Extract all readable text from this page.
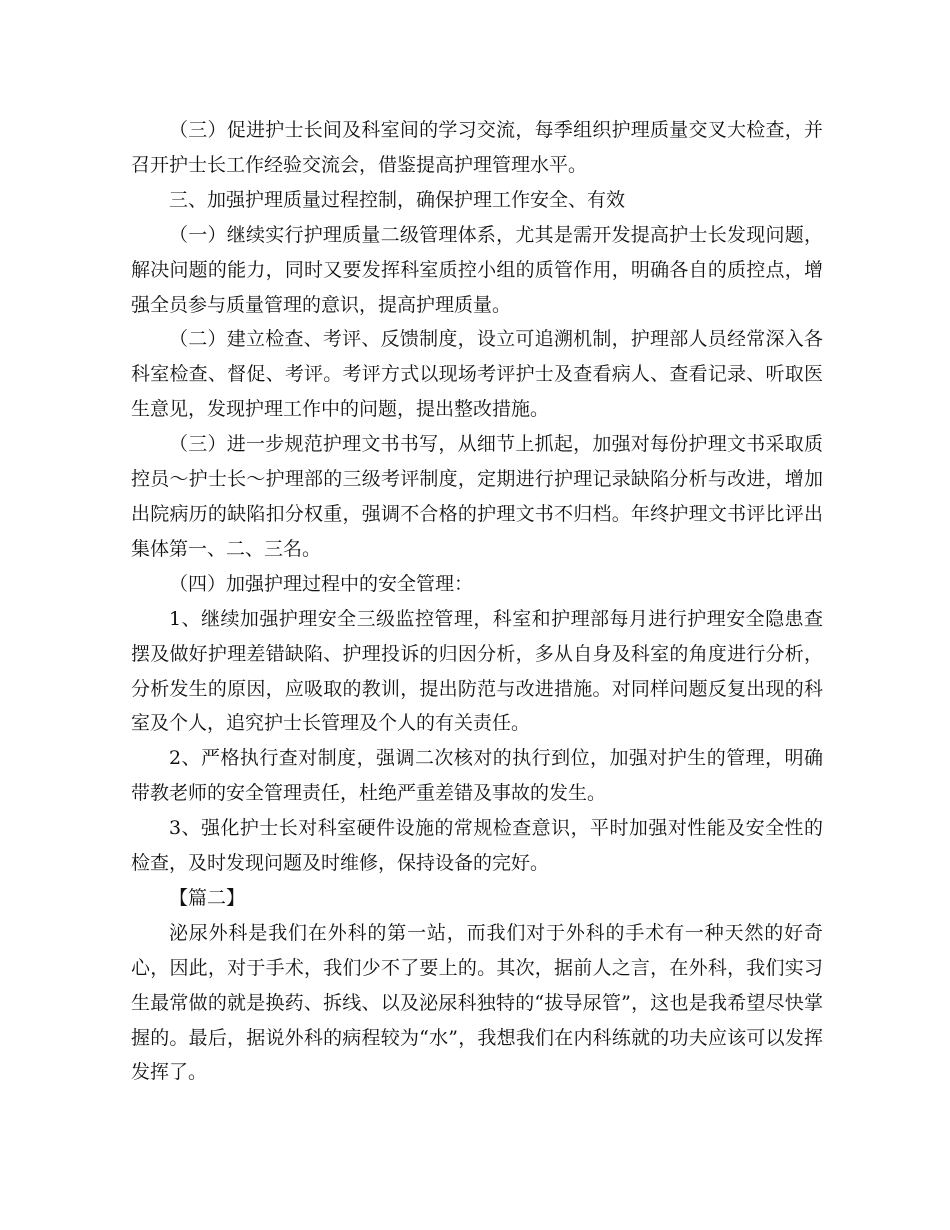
（三）促进护士长间及科室间的学习交流，每季组织护理质量交叉大检查，并召开护士长工作经验交流会，借鉴提高护理管理水平。

三、加强护理质量过程控制，确保护理工作安全、有效

（一）继续实行护理质量二级管理体系，尤其是需开发提高护士长发现问题，解决问题的能力，同时又要发挥科室质控小组的质管作用，明确各自的质控点，增强全员参与质量管理的意识，提高护理质量。

（二）建立检查、考评、反馈制度，设立可追溯机制，护理部人员经常深入各科室检查、督促、考评。考评方式以现场考评护士及查看病人、查看记录、听取医生意见，发现护理工作中的问题，提出整改措施。

（三）进一步规范护理文书书写，从细节上抓起，加强对每份护理文书采取质控员～护士长～护理部的三级考评制度，定期进行护理记录缺陷分析与改进，增加出院病历的缺陷扣分权重，强调不合格的护理文书不归档。年终护理文书评比评出集体第一、二、三名。

（四）加强护理过程中的安全管理：

1、继续加强护理安全三级监控管理，科室和护理部每月进行护理安全隐患查摆及做好护理差错缺陷、护理投诉的归因分析，多从自身及科室的角度进行分析，分析发生的原因，应吸取的教训，提出防范与改进措施。对同样问题反复出现的科室及个人，追究护士长管理及个人的有关责任。

2、严格执行查对制度，强调二次核对的执行到位，加强对护生的管理，明确带教老师的安全管理责任，杜绝严重差错及事故的发生。

3、强化护士长对科室硬件设施的常规检查意识，平时加强对性能及安全性的检查，及时发现问题及时维修，保持设备的完好。

【篇二】

泌尿外科是我们在外科的第一站，而我们对于外科的手术有一种天然的好奇心，因此，对于手术，我们少不了要上的。其次，据前人之言，在外科，我们实习生最常做的就是换药、拆线、以及泌尿科独特的“拔导尿管”，这也是我希望尽快掌握的。最后，据说外科的病程较为“水”，我想我们在内科练就的功夫应该可以发挥发挥了。
